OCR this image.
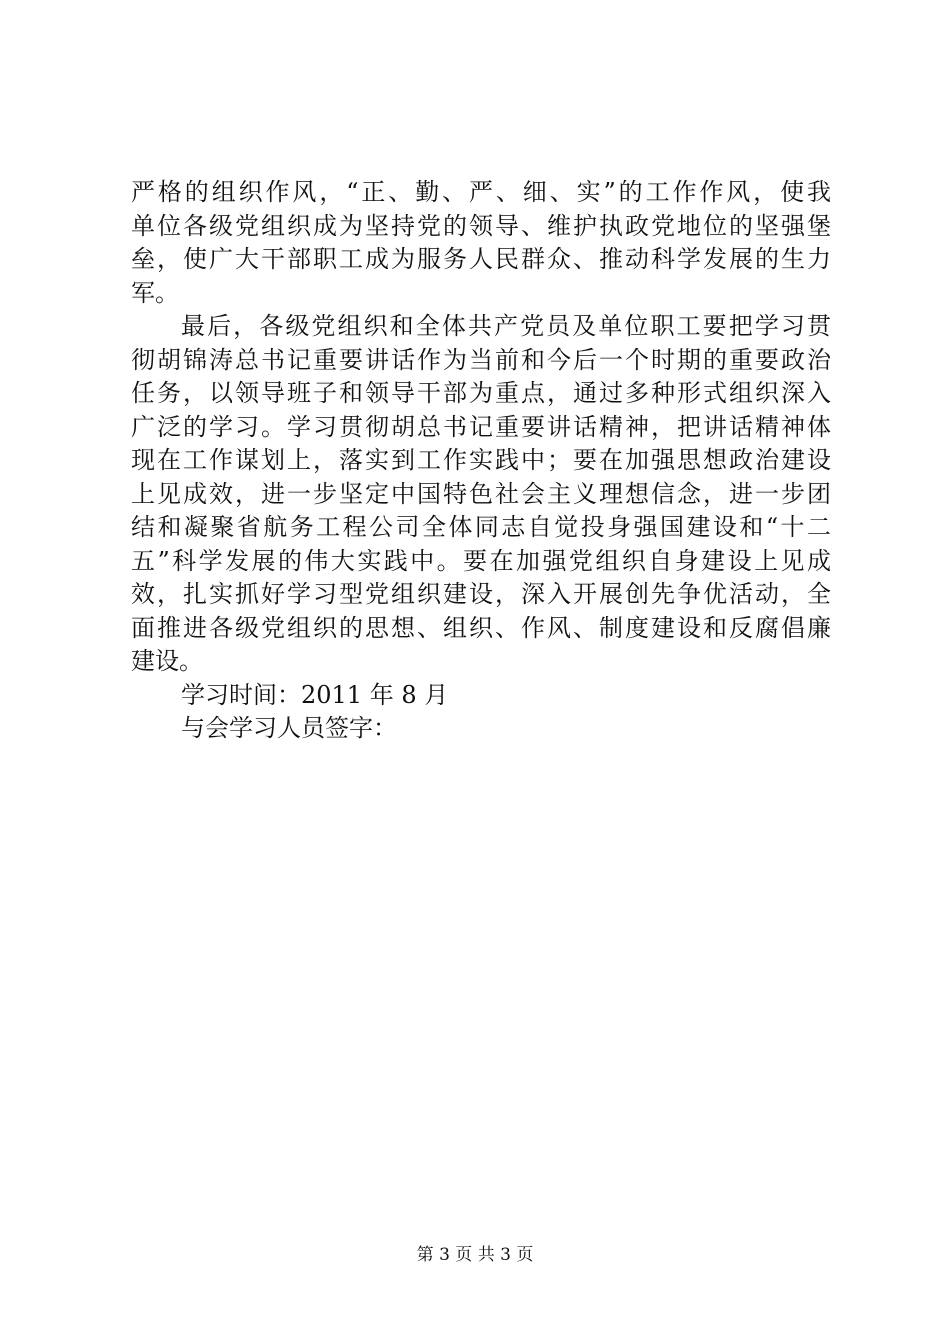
严格的组织作风，“正、勤、严、细、实”的工作作风，使我
单位各级党组织成为坚持党的领导、维护执政党地位的坚强堡
垒，使广大干部职工成为服务人民群众、推动科学发展的生力
军。
最后，各级党组织和全体共产党员及单位职工要把学习贯
彻胡锦涛总书记重要讲话作为当前和今后一个时期的重要政治
任务，以领导班子和领导干部为重点，通过多种形式组织深入
广泛的学习。学习贯彻胡总书记重要讲话精神，把讲话精神体
现在工作谋划上，落实到工作实践中；要在加强思想政治建设
上见成效，进一步坚定中国特色社会主义理想信念，进一步团
结和凝聚省航务工程公司全体同志自觉投身强国建设和“十二
五”科学发展的伟大实践中。要在加强党组织自身建设上见成
效，扎实抓好学习型党组织建设，深入开展创先争优活动，全
面推进各级党组织的思想、组织、作风、制度建设和反腐倡廉
建设。
学习时间：2011 年 8 月
与会学习人员签字：
第 3 页 共 3 页
